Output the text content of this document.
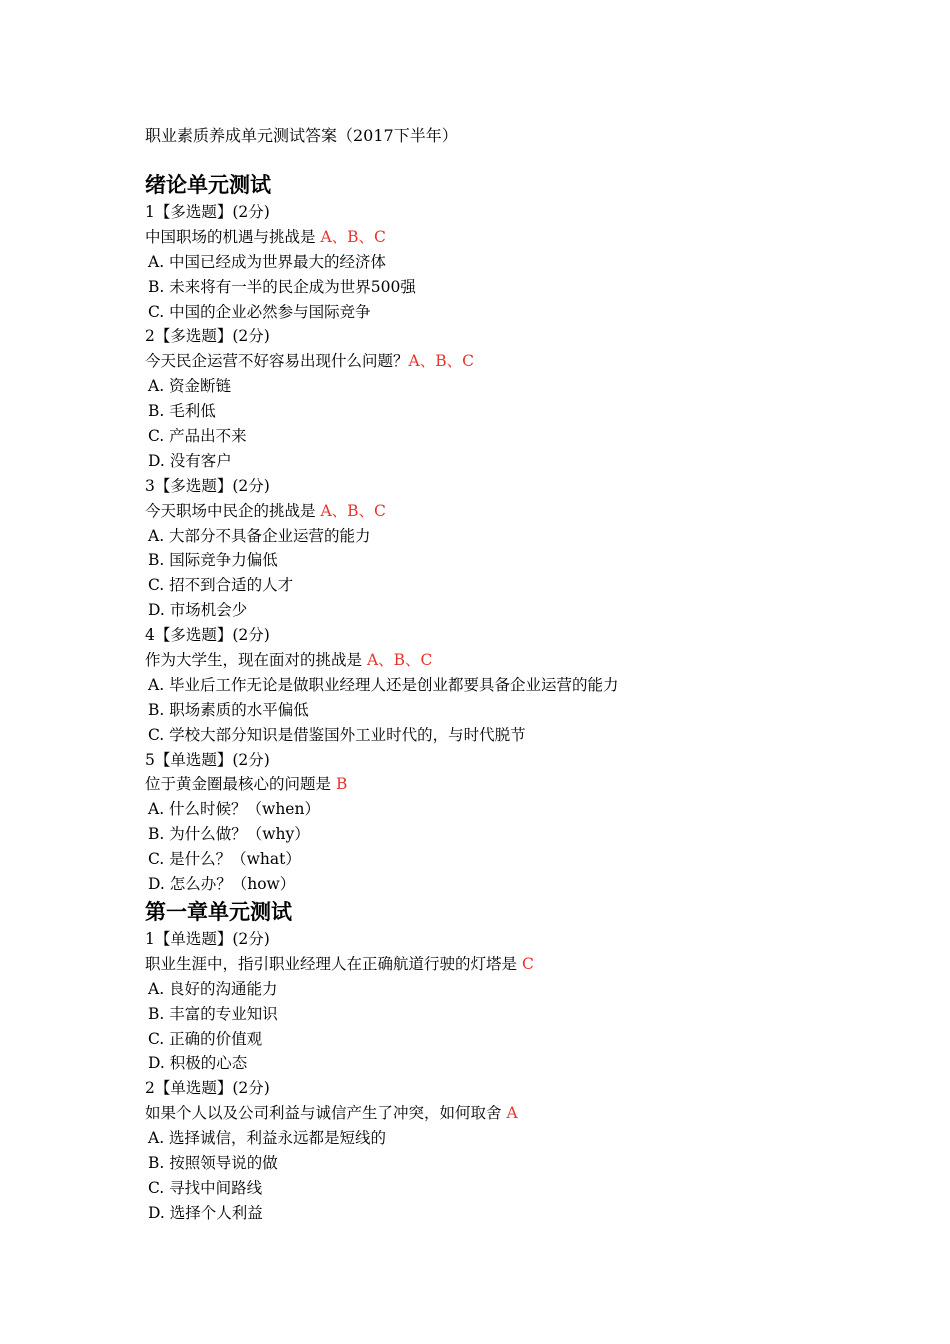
职业素质养成单元测试答案（2017下半年）
绪论单元测试
1【多选题】(2分)
中国职场的机遇与挑战是 A、B、C
A. 中国已经成为世界最大的经济体
B. 未来将有一半的民企成为世界500强
C. 中国的企业必然参与国际竞争
2【多选题】(2分)
今天民企运营不好容易出现什么问题？A、B、C
A. 资金断链
B. 毛利低
C. 产品出不来
D. 没有客户
3【多选题】(2分)
今天职场中民企的挑战是 A、B、C
A. 大部分不具备企业运营的能力
B. 国际竞争力偏低
C. 招不到合适的人才
D. 市场机会少
4【多选题】(2分)
作为大学生，现在面对的挑战是 A、B、C
A. 毕业后工作无论是做职业经理人还是创业都要具备企业运营的能力
B. 职场素质的水平偏低
C. 学校大部分知识是借鉴国外工业时代的，与时代脱节
5【单选题】(2分)
位于黄金圈最核心的问题是 B
A. 什么时候？（when）
B. 为什么做？（why）
C. 是什么？（what）
D. 怎么办？（how）
第一章单元测试
1【单选题】(2分)
职业生涯中，指引职业经理人在正确航道行驶的灯塔是 C
A. 良好的沟通能力
B. 丰富的专业知识
C. 正确的价值观
D. 积极的心态
2【单选题】(2分)
如果个人以及公司利益与诚信产生了冲突，如何取舍 A
A. 选择诚信，利益永远都是短线的
B. 按照领导说的做
C. 寻找中间路线
D. 选择个人利益
